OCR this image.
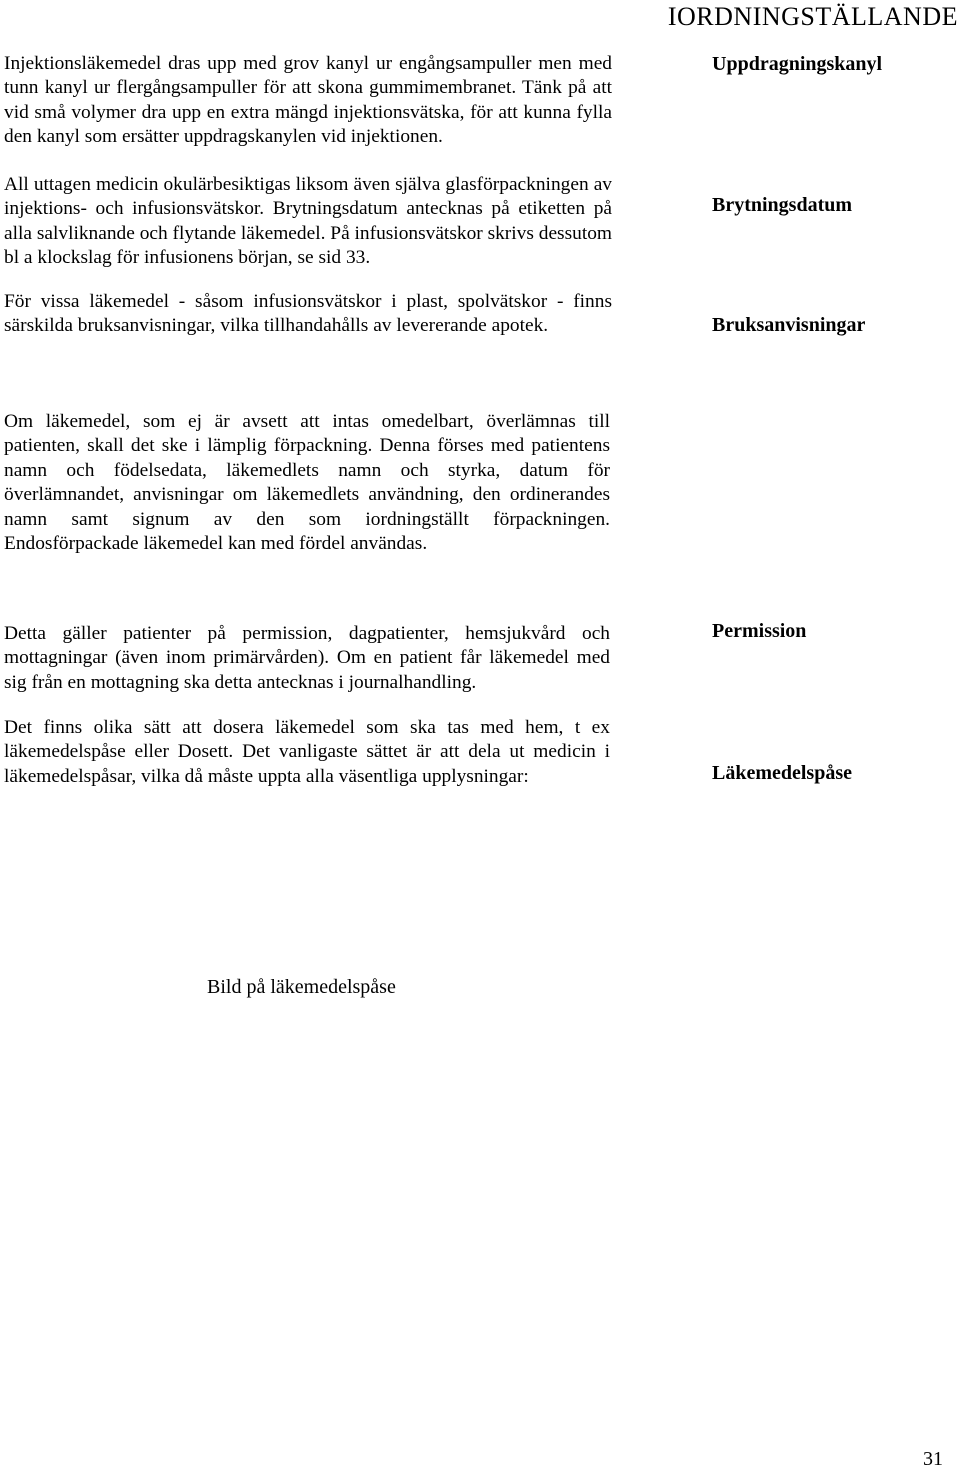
IORDNINGSTÄLLANDE
Injektionsläkemedel dras upp med grov kanyl ur engångsampuller men med tunn kanyl ur flergångsampuller för att skona gummimembranet. Tänk på att vid små volymer dra upp en extra mängd injektionsvätska, för att kunna fylla den kanyl som ersätter uppdragskanylen vid injektionen.
Uppdragningskanyl
All uttagen medicin okulärbesiktigas liksom även själva glasförpackningen av injektions- och infusionsvätskor. Brytningsdatum antecknas på etiketten på alla salvliknande och flytande läkemedel. På infusionsvätskor skrivs dessutom bl a klockslag för infusionens början, se sid 33.
Brytningsdatum
För vissa läkemedel - såsom infusionsvätskor i plast, spolvätskor - finns särskilda bruksanvisningar, vilka tillhandahålls av levererande apotek.	Bruksanvisningar
Om läkemedel, som ej är avsett att intas omedelbart, överlämnas till patienten, skall det ske i lämplig förpackning. Denna förses med patientens namn och födelsedata, läkemedlets namn och styrka, datum för överlämnandet, anvisningar om läkemedlets användning, den ordinerandes namn samt signum av den som iordningställt förpackningen. Endosförpackade läkemedel kan med fördel användas.
Detta gäller patienter på permission, dagpatienter, hemsjukvård och mottagningar (även inom primärvården). Om en patient får läkemedel med sig från en mottagning ska detta antecknas i journalhandling.
Permission
Det finns olika sätt att dosera läkemedel som ska tas med hem, t ex läkemedelspåse eller Dosett. Det vanligaste sättet är att dela ut medicin i läkemedelspåsar, vilka då måste uppta alla väsentliga upplysningar:	Läkemedelspåse
Bild på läkemedelspåse
31
